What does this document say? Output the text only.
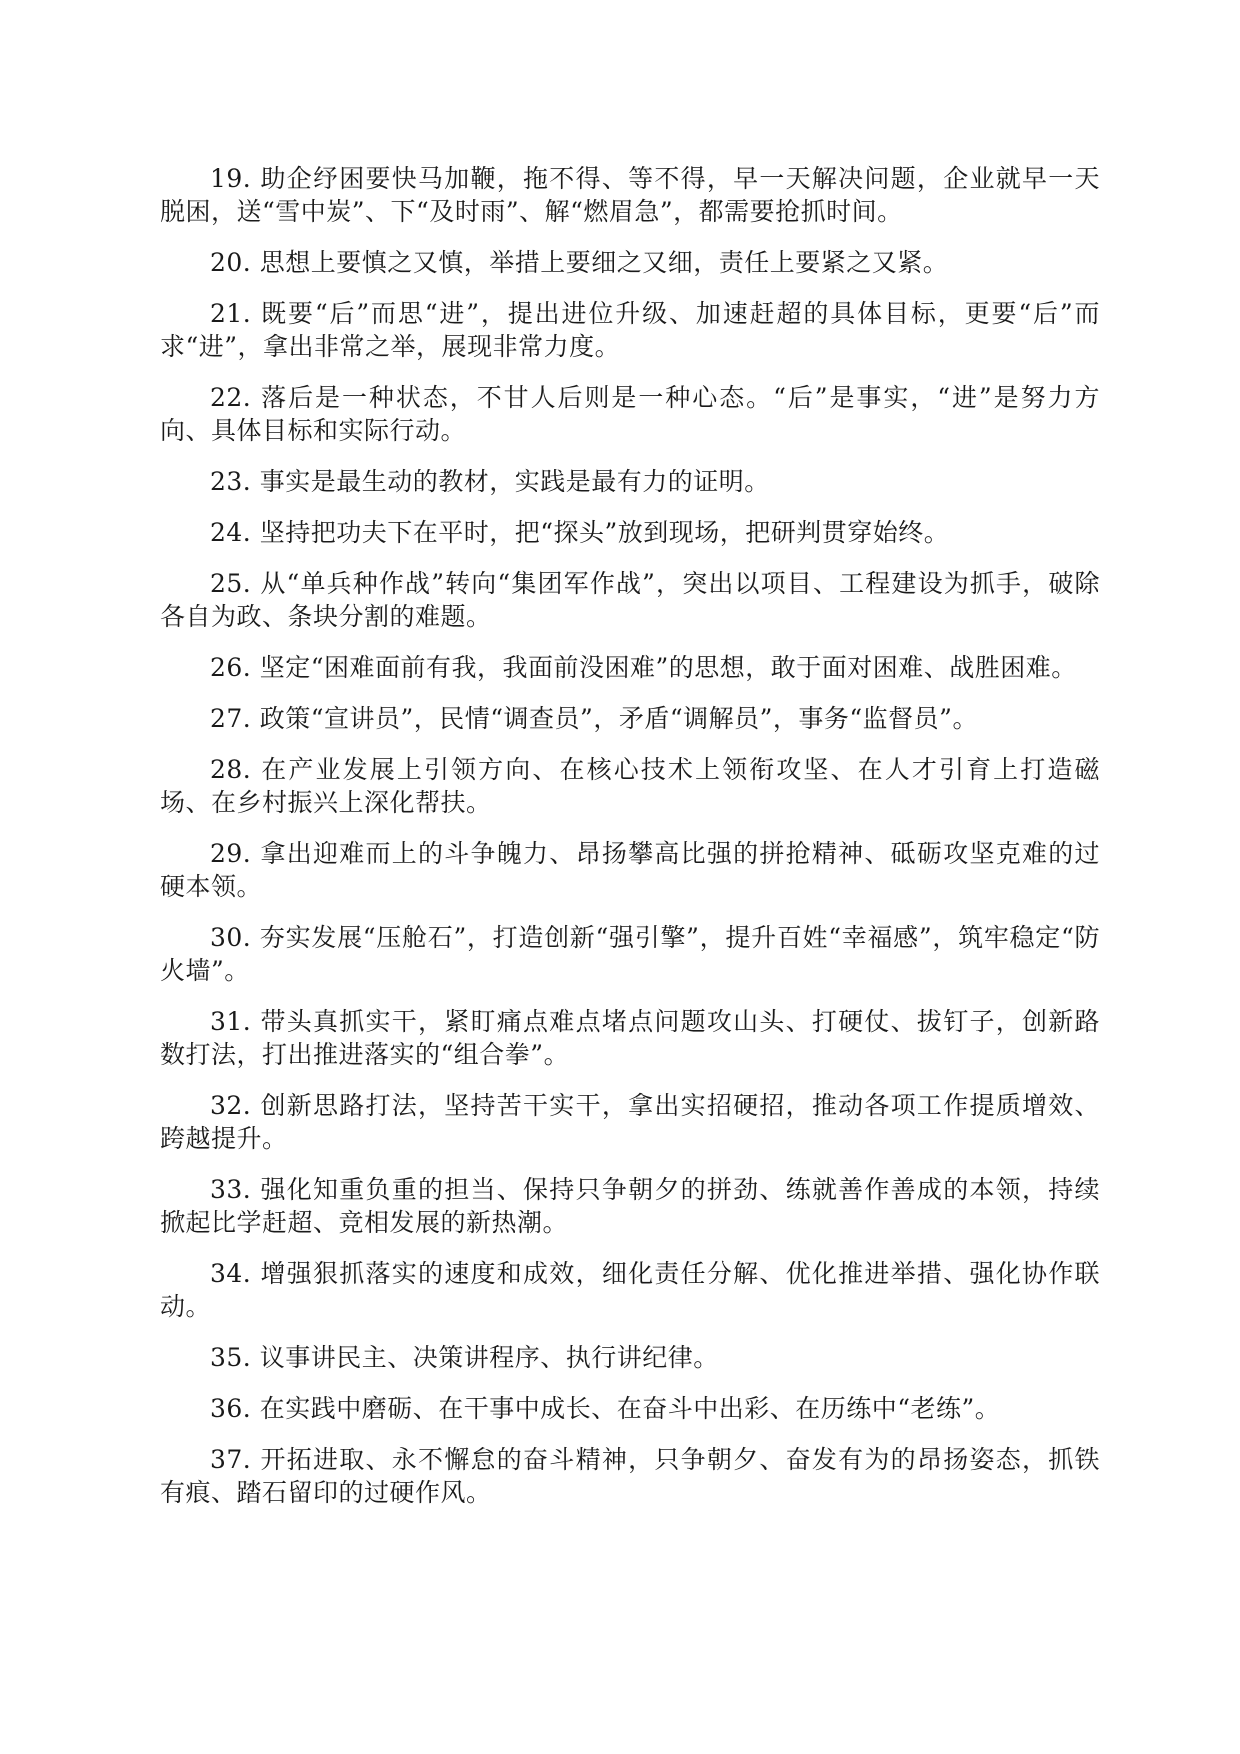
19. 助企纾困要快马加鞭，拖不得、等不得，早一天解决问题，企业就早一天脱困，送“雪中炭”、下“及时雨”、解“燃眉急”，都需要抢抓时间。

20. 思想上要慎之又慎，举措上要细之又细，责任上要紧之又紧。

21. 既要“后”而思“进”，提出进位升级、加速赶超的具体目标，更要“后”而求“进”，拿出非常之举，展现非常力度。

22. 落后是一种状态，不甘人后则是一种心态。“后”是事实，“进”是努力方向、具体目标和实际行动。

23. 事实是最生动的教材，实践是最有力的证明。

24. 坚持把功夫下在平时，把“探头”放到现场，把研判贯穿始终。

25. 从“单兵种作战”转向“集团军作战”，突出以项目、工程建设为抓手，破除各自为政、条块分割的难题。

26. 坚定“困难面前有我，我面前没困难”的思想，敢于面对困难、战胜困难。

27. 政策“宣讲员”，民情“调查员”，矛盾“调解员”，事务“监督员”。

28. 在产业发展上引领方向、在核心技术上领衔攻坚、在人才引育上打造磁场、在乡村振兴上深化帮扶。

29. 拿出迎难而上的斗争魄力、昂扬攀高比强的拼抢精神、砥砺攻坚克难的过硬本领。

30. 夯实发展“压舱石”，打造创新“强引擎”，提升百姓“幸福感”，筑牢稳定“防火墙”。

31. 带头真抓实干，紧盯痛点难点堵点问题攻山头、打硬仗、拔钉子，创新路数打法，打出推进落实的“组合拳”。

32. 创新思路打法，坚持苦干实干，拿出实招硬招，推动各项工作提质增效、跨越提升。

33. 强化知重负重的担当、保持只争朝夕的拼劲、练就善作善成的本领，持续掀起比学赶超、竞相发展的新热潮。

34. 增强狠抓落实的速度和成效，细化责任分解、优化推进举措、强化协作联动。

35. 议事讲民主、决策讲程序、执行讲纪律。

36. 在实践中磨砺、在干事中成长、在奋斗中出彩、在历练中“老练”。

37. 开拓进取、永不懈怠的奋斗精神，只争朝夕、奋发有为的昂扬姿态，抓铁有痕、踏石留印的过硬作风。
